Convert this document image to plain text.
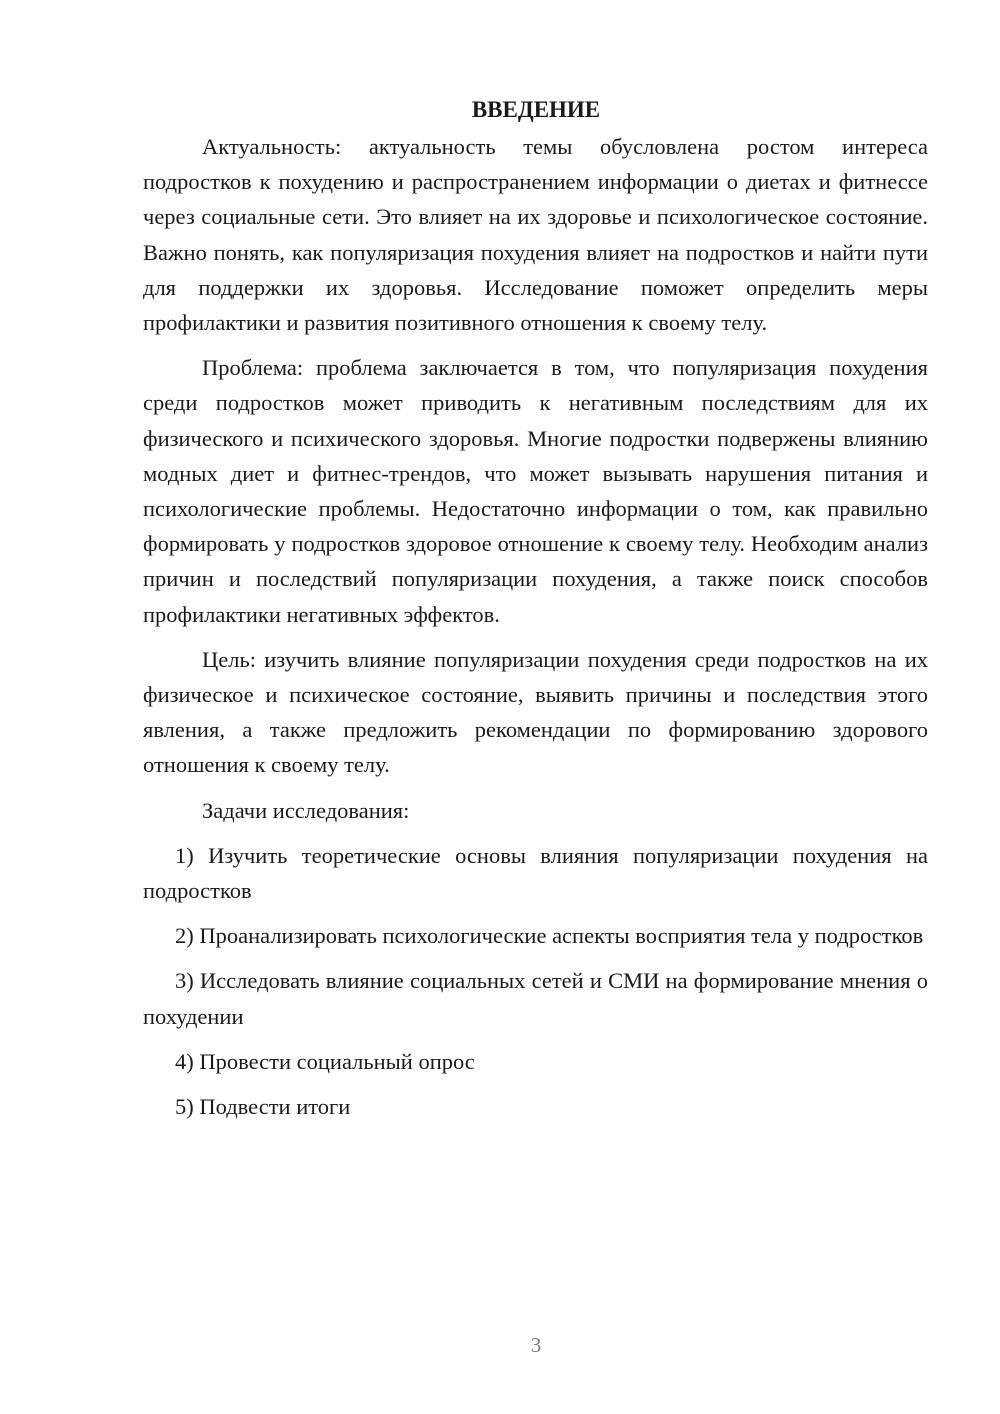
ВВЕДЕНИЕ

Актуальность: актуальность темы обусловлена ростом интереса подростков к похудению и распространением информации о диетах и фитнессе через социальные сети. Это влияет на их здоровье и психологическое состояние. Важно понять, как популяризация похудения влияет на подростков и найти пути для поддержки их здоровья. Исследование поможет определить меры профилактики и развития позитивного отношения к своему телу.

Проблема: проблема заключается в том, что популяризация похудения среди подростков может приводить к негативным последствиям для их физического и психического здоровья. Многие подростки подвержены влиянию модных диет и фитнес-трендов, что может вызывать нарушения питания и психологические проблемы. Недостаточно информации о том, как правильно формировать у подростков здоровое отношение к своему телу. Необходим анализ причин и последствий популяризации похудения, а также поиск способов профилактики негативных эффектов.

Цель: изучить влияние популяризации похудения среди подростков на их физическое и психическое состояние, выявить причины и последствия этого явления, а также предложить рекомендации по формированию здорового отношения к своему телу.

Задачи исследования:

1) Изучить теоретические основы влияния популяризации похудения на подростков

2) Проанализировать психологические аспекты восприятия тела у подростков

3) Исследовать влияние социальных сетей и СМИ на формирование мнения о похудении

4) Провести социальный опрос

5) Подвести итоги

3
